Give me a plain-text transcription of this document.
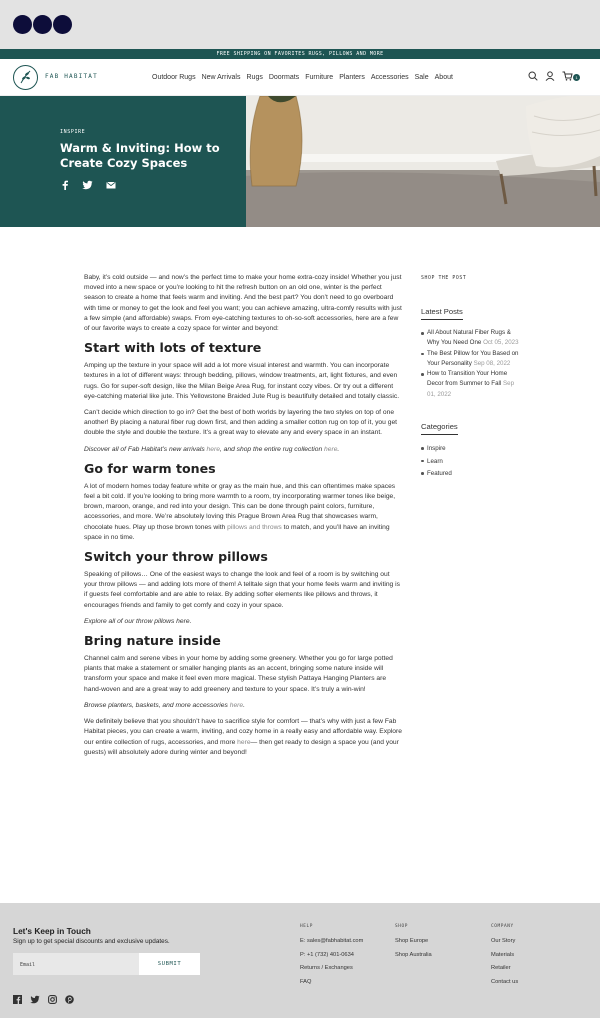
FREE SHIPPING ON FAVORITES RUGS, PILLOWS AND MORE
FAB HABITAT	Outdoor Rugs New Arrivals Rugs Doormats Furniture Planters Accessories Sale About	1
INSPIRE
Warm & Inviting: How to Create Cozy Spaces

Baby, it’s cold outside — and now’s the perfect time to make your home extra-cozy inside! Whether you just moved into a new space or you’re looking to hit the refresh button on an old one, winter is the perfect season to create a home that feels warm and inviting. And the best part? You don’t need to go overboard with time or money to get the look and feel you want; you can achieve amazing, ultra-comfy results with just a few simple (and affordable) swaps. From eye-catching textures to oh-so-soft accessories, here are a few of our favorite ways to create a cozy space for winter and beyond:

Start with lots of texture

Amping up the texture in your space will add a lot more visual interest and warmth. You can incorporate textures in a lot of different ways: through bedding, pillows, window treatments, art, light fixtures, and even rugs. Go for super-soft design, like the Milan Beige Area Rug, for instant cozy vibes. Or try out a different eye-catching material like jute. This Yellowstone Braided Jute Rug is beautifully detailed and totally classic.

Can’t decide which direction to go in? Get the best of both worlds by layering the two styles on top of one another! By placing a natural fiber rug down first, and then adding a smaller cotton rug on top of it, you get double the style and double the texture. It’s a great way to elevate any and every space in an instant.

Discover all of Fab Habitat’s new arrivals here, and shop the entire rug collection here.

Go for warm tones

A lot of modern homes today feature white or gray as the main hue, and this can oftentimes make spaces feel a bit cold. If you’re looking to bring more warmth to a room, try incorporating warmer tones like beige, brown, maroon, orange, and red into your design. This can be done through paint colors, furniture, accessories, and more. We’re absolutely loving this Prague Brown Area Rug that showcases warm, chocolate hues. Play up those brown tones with pillows and throws to match, and you’ll have an inviting space in no time.

Switch your throw pillows

Speaking of pillows… One of the easiest ways to change the look and feel of a room is by switching out your throw pillows — and adding lots more of them! A telltale sign that your home feels warm and inviting is if guests feel comfortable and are able to relax. By adding softer elements like pillows and throws, it encourages friends and family to get comfy and cozy in your space.

Explore all of our throw pillows here.

Bring nature inside

Channel calm and serene vibes in your home by adding some greenery. Whether you go for large potted plants that make a statement or smaller hanging plants as an accent, bringing some nature inside will transform your space and make it feel even more magical. These stylish Pattaya Hanging Planters are hand-woven and are a great way to add greenery and texture to your space. It’s truly a win-win!

Browse planters, baskets, and more accessories here.

We definitely believe that you shouldn’t have to sacrifice style for comfort — that’s why with just a few Fab Habitat pieces, you can create a warm, inviting, and cozy home in a really easy and affordable way. Explore our entire collection of rugs, accessories, and more here— then get ready to design a space you (and your guests) will absolutely adore during winter and beyond!

SHOP THE POST
Latest Posts
All About Natural Fiber Rugs & Why You Need One Oct 05, 2023
The Best Pillow for You Based on Your Personality Sep 08, 2022
How to Transition Your Home Decor from Summer to Fall Sep 01, 2022
Categories
Inspire
Learn
Featured
Let's Keep in Touch
Sign up to get special discounts and exclusive updates.
Email	SUBMIT
HELP
E: sales@fabhabitat.com
P: +1 (732) 401-0634
Returns / Exchanges
FAQ
SHOP
Shop Europe
Shop Australia
COMPANY
Our Story
Materials
Retailer
Contact us
